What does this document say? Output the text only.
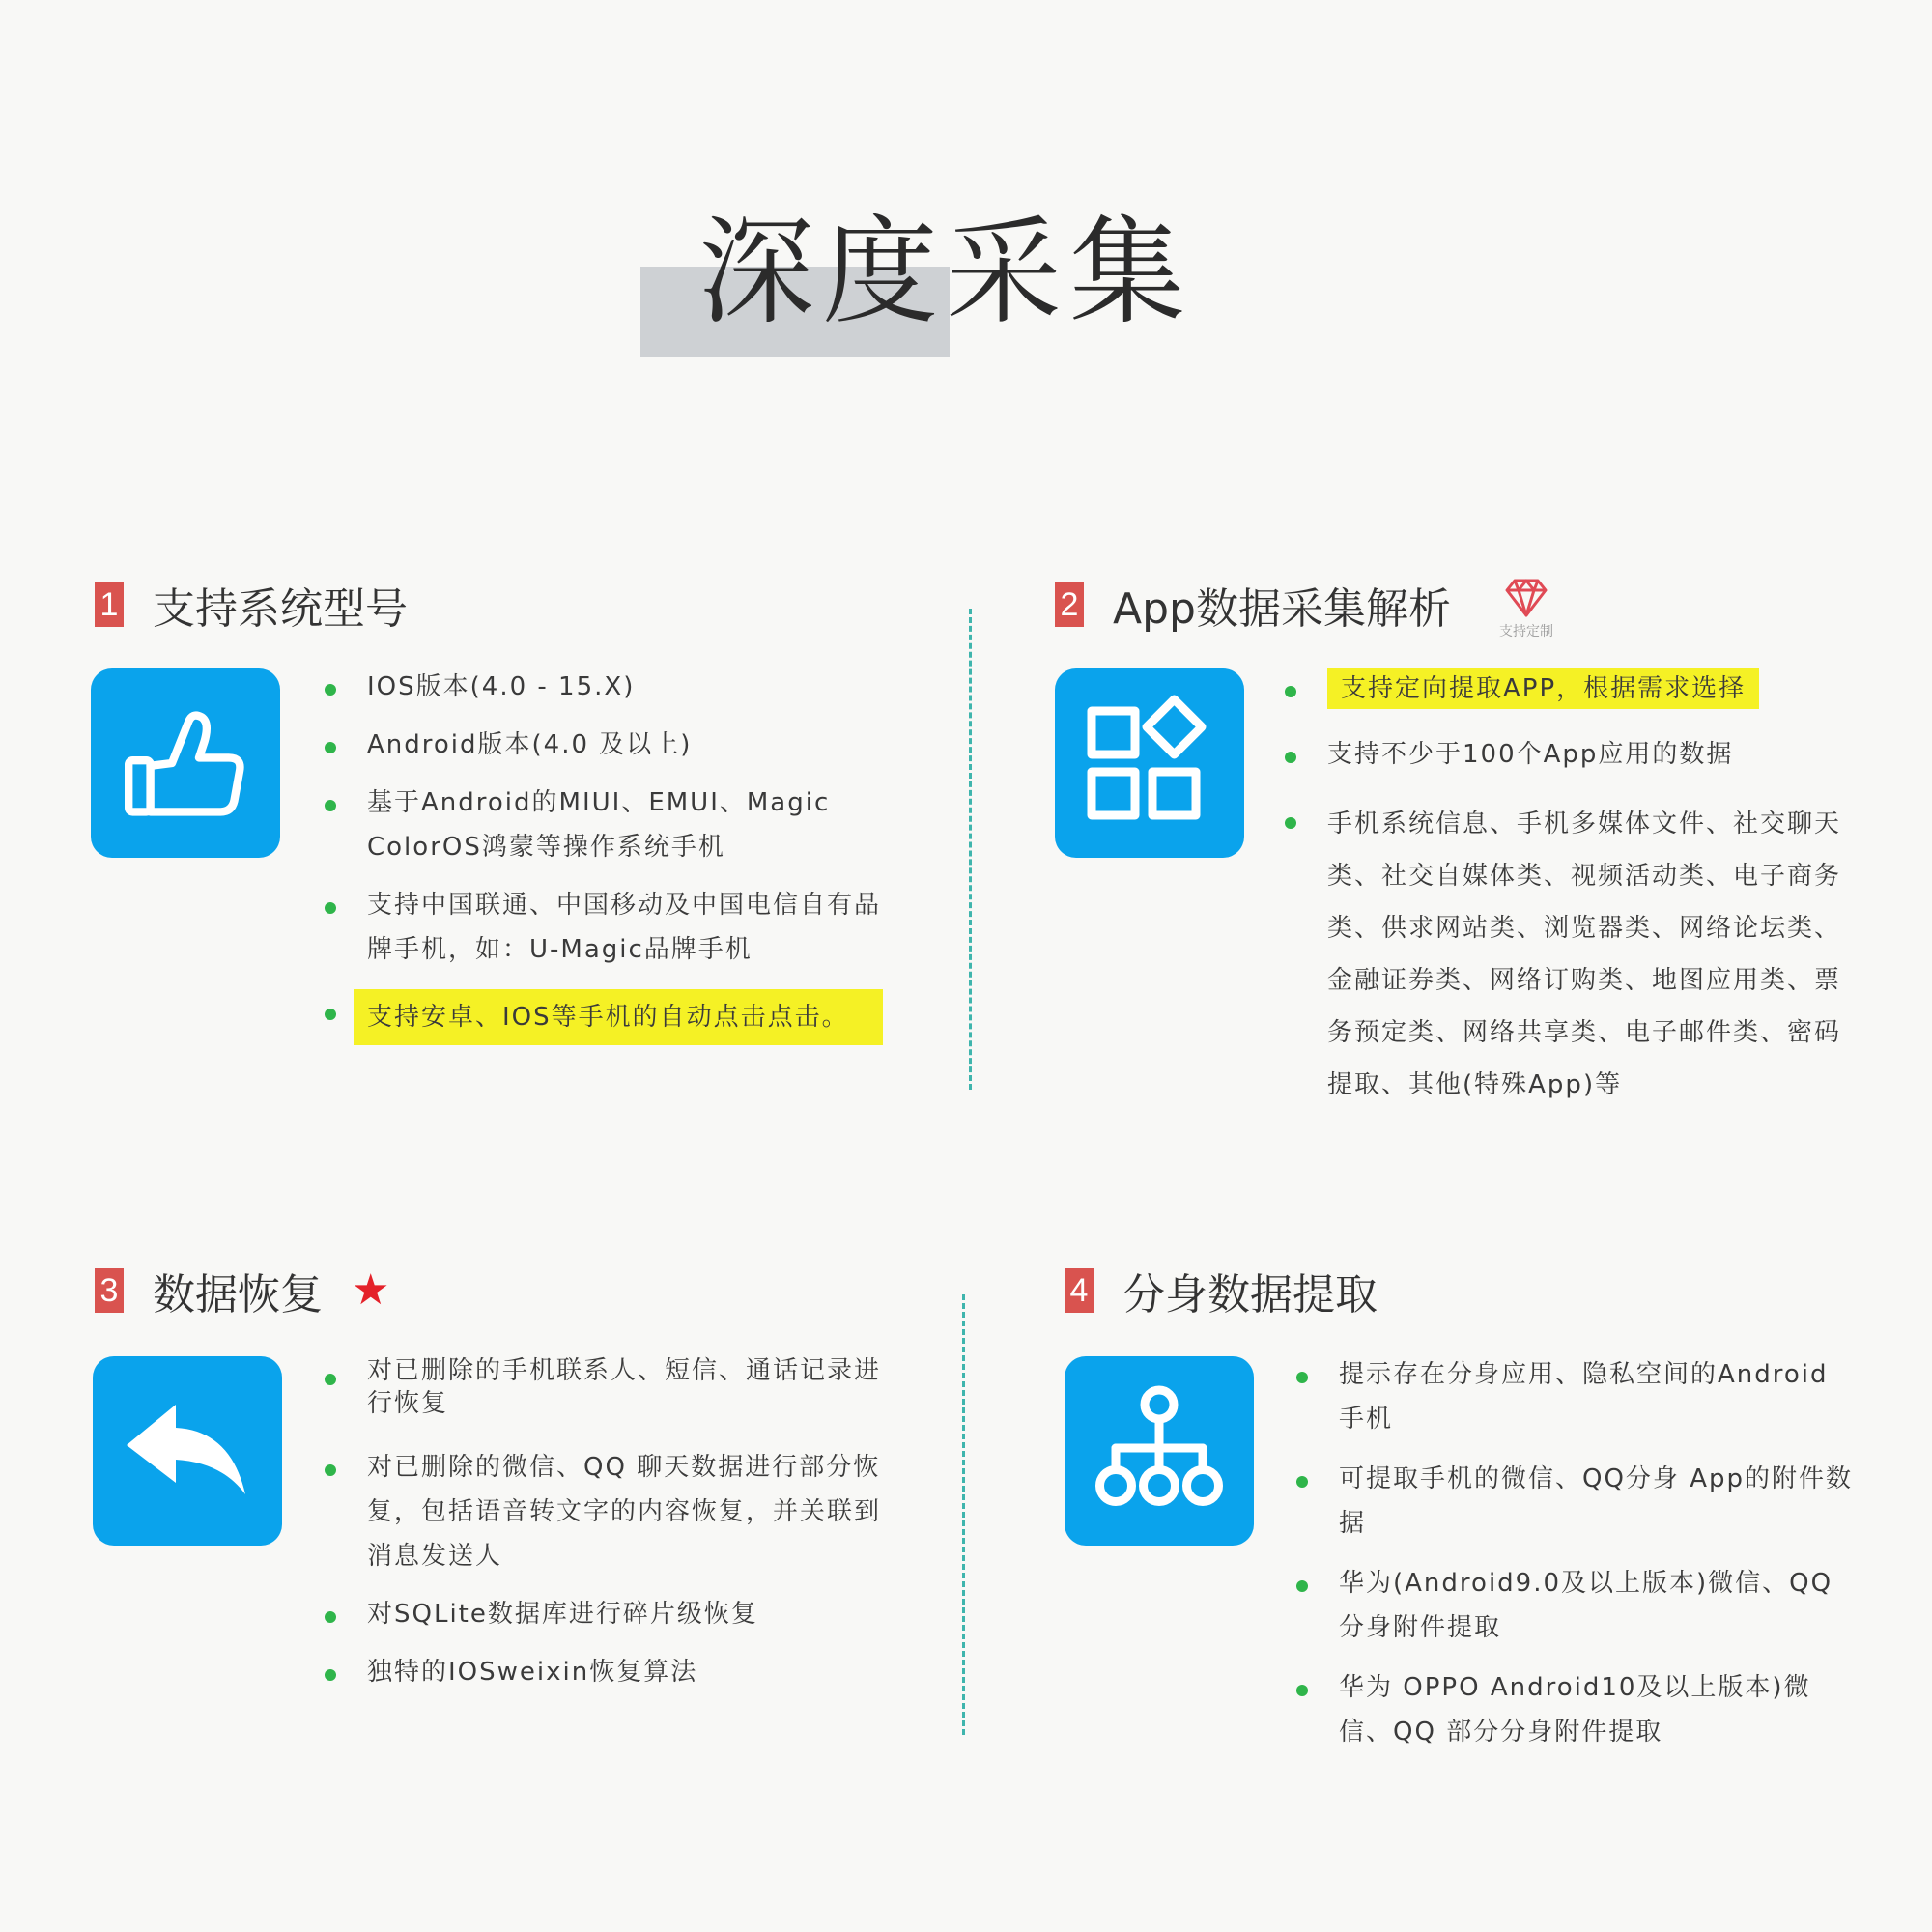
深度采集
1 支持系统型号
IOS版本(4.0 - 15.X)
Android版本(4.0 及以上)
基于Android的MIUI、EMUI、Magic ColorOS鸿蒙等操作系统手机
支持中国联通、中国移动及中国电信自有品牌手机，如：U-Magic品牌手机
支持安卓、IOS等手机的自动点击点击。
2 App数据采集解析	支持定制
支持定向提取APP，根据需求选择
支持不少于100个App应用的数据
手机系统信息、手机多媒体文件、社交聊天类、社交自媒体类、视频活动类、电子商务类、供求网站类、浏览器类、网络论坛类、金融证券类、网络订购类、地图应用类、票务预定类、网络共享类、电子邮件类、密码提取、其他(特殊App)等
3 数据恢复 ★
对已删除的手机联系人、短信、通话记录进行恢复
对已删除的微信、QQ 聊天数据进行部分恢复，包括语音转文字的内容恢复，并关联到消息发送人
对SQLite数据库进行碎片级恢复
独特的IOSweixin恢复算法
4 分身数据提取
提示存在分身应用、隐私空间的Android手机
可提取手机的微信、QQ分身 App的附件数据
华为(Android9.0及以上版本)微信、QQ分身附件提取
华为 OPPO Android10及以上版本)微信、QQ 部分分身附件提取
